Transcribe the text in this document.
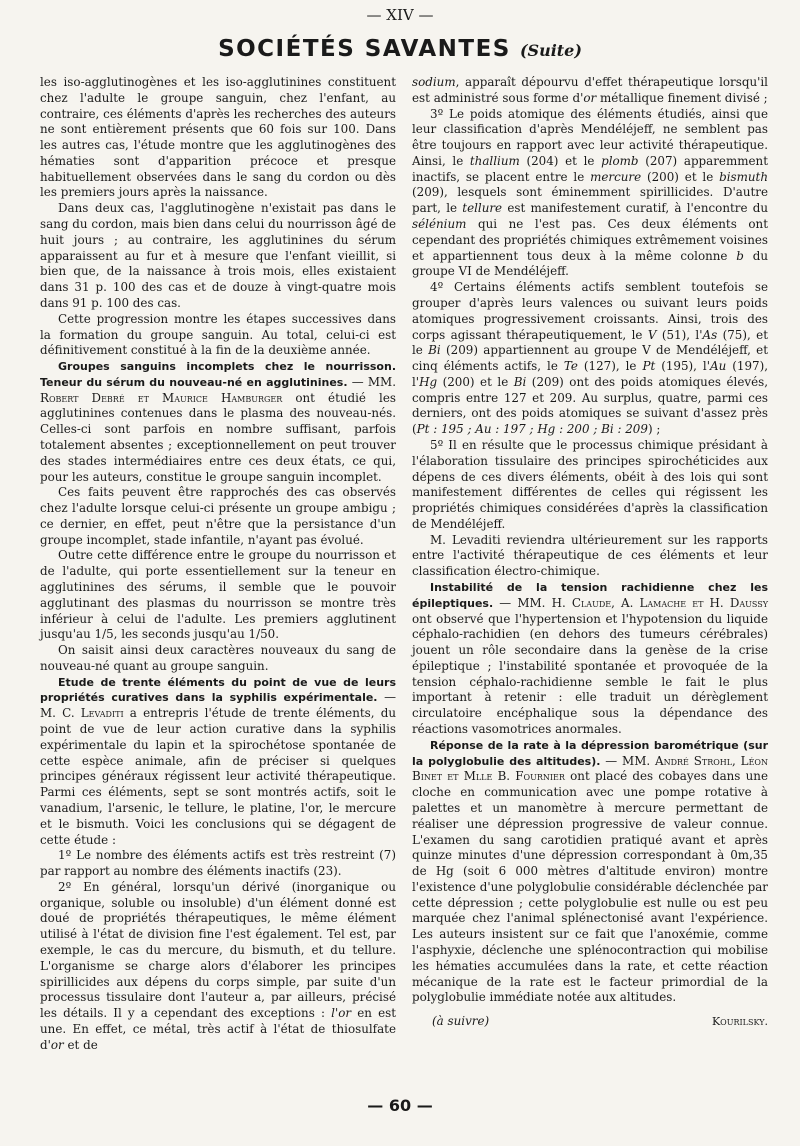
— XIV —
SOCIÉTÉS SAVANTES (Suite)

les iso-agglutinogènes et les iso-agglutinines constituent chez l'adulte le groupe sanguin, chez l'enfant, au contraire, ces éléments d'après les recherches des auteurs ne sont entièrement présents que 60 fois sur 100. Dans les autres cas, l'étude montre que les agglutinogènes des hématies sont d'apparition précoce et presque habituellement observées dans le sang du cordon ou dès les premiers jours après la naissance.

Dans deux cas, l'agglutinogène n'existait pas dans le sang du cordon, mais bien dans celui du nourrisson âgé de huit jours ; au contraire, les agglutinines du sérum apparaissent au fur et à mesure que l'enfant vieillit, si bien que, de la naissance à trois mois, elles existaient dans 31 p. 100 des cas et de douze à vingt-quatre mois dans 91 p. 100 des cas.

Cette progression montre les étapes successives dans la formation du groupe sanguin. Au total, celui-ci est définitivement constitué à la fin de la deuxième année.

Groupes sanguins incomplets chez le nourrisson. Teneur du sérum du nouveau-né en agglutinines. — MM. Robert Debré et Maurice Hamburger ont étudié les agglutinines contenues dans le plasma des nouveau-nés. Celles-ci sont parfois en nombre suffisant, parfois totalement absentes ; exceptionnellement on peut trouver des stades intermédiaires entre ces deux états, ce qui, pour les auteurs, constitue le groupe sanguin incomplet.

Ces faits peuvent être rapprochés des cas observés chez l'adulte lorsque celui-ci présente un groupe ambigu ; ce dernier, en effet, peut n'être que la persistance d'un groupe incomplet, stade infantile, n'ayant pas évolué.

Outre cette différence entre le groupe du nourrisson et de l'adulte, qui porte essentiellement sur la teneur en agglutinines des sérums, il semble que le pouvoir agglutinant des plasmas du nourrisson se montre très inférieur à celui de l'adulte. Les premiers agglutinent jusqu'au 1/5, les seconds jusqu'au 1/50.

On saisit ainsi deux caractères nouveaux du sang de nouveau-né quant au groupe sanguin.

Etude de trente éléments du point de vue de leurs propriétés curatives dans la syphilis expérimentale. — M. C. Levaditi a entrepris l'étude de trente éléments, du point de vue de leur action curative dans la syphilis expérimentale du lapin et la spirochétose spontanée de cette espèce animale, afin de préciser si quelques principes généraux régissent leur activité thérapeutique. Parmi ces éléments, sept se sont montrés actifs, soit le vanadium, l'arsenic, le tellure, le platine, l'or, le mercure et le bismuth. Voici les conclusions qui se dégagent de cette étude :

1º Le nombre des éléments actifs est très restreint (7) par rapport au nombre des éléments inactifs (23).

2º En général, lorsqu'un dérivé (inorganique ou organique, soluble ou insoluble) d'un élément donné est doué de propriétés thérapeutiques, le même élément utilisé à l'état de division fine l'est également. Tel est, par exemple, le cas du mercure, du bismuth, et du tellure. L'organisme se charge alors d'élaborer les principes spirillicides aux dépens du corps simple, par suite d'un processus tissulaire dont l'auteur a, par ailleurs, précisé les détails. Il y a cependant des exceptions : l'or en est une. En effet, ce métal, très actif à l'état de thiosulfate d'or et de

sodium, apparaît dépourvu d'effet thérapeutique lorsqu'il est administré sous forme d'or métallique finement divisé ;

3º Le poids atomique des éléments étudiés, ainsi que leur classification d'après Mendéléjeff, ne semblent pas être toujours en rapport avec leur activité thérapeutique. Ainsi, le thallium (204) et le plomb (207) apparemment inactifs, se placent entre le mercure (200) et le bismuth (209), lesquels sont éminemment spirillicides. D'autre part, le tellure est manifestement curatif, à l'encontre du sélénium qui ne l'est pas. Ces deux éléments ont cependant des propriétés chimiques extrêmement voisines et appartiennent tous deux à la même colonne b du groupe VI de Mendéléjeff.

4º Certains éléments actifs semblent toutefois se grouper d'après leurs valences ou suivant leurs poids atomiques progressivement croissants. Ainsi, trois des corps agissant thérapeutiquement, le V (51), l'As (75), et le Bi (209) appartiennent au groupe V de Mendéléjeff, et cinq éléments actifs, le Te (127), le Pt (195), l'Au (197), l'Hg (200) et le Bi (209) ont des poids atomiques élevés, compris entre 127 et 209. Au surplus, quatre, parmi ces derniers, ont des poids atomiques se suivant d'assez près (Pt : 195 ; Au : 197 ; Hg : 200 ; Bi : 209) ;

5º Il en résulte que le processus chimique présidant à l'élaboration tissulaire des principes spirochéticides aux dépens de ces divers éléments, obéit à des lois qui sont manifestement différentes de celles qui régissent les propriétés chimiques considérées d'après la classification de Mendéléjeff.

M. Levaditi reviendra ultérieurement sur les rapports entre l'activité thérapeutique de ces éléments et leur classification électro-chimique.

Instabilité de la tension rachidienne chez les épileptiques. — MM. H. Claude, A. Lamache et H. Daussy ont observé que l'hypertension et l'hypotension du liquide céphalo-rachidien (en dehors des tumeurs cérébrales) jouent un rôle secondaire dans la genèse de la crise épileptique ; l'instabilité spontanée et provoquée de la tension céphalo-rachidienne semble le fait le plus important à retenir : elle traduit un dérèglement circulatoire encéphalique sous la dépendance des réactions vasomotrices anormales.

Réponse de la rate à la dépression barométrique (sur la polyglobulie des altitudes). — MM. André Strohl, Léon Binet et Mlle B. Fournier ont placé des cobayes dans une cloche en communication avec une pompe rotative à palettes et un manomètre à mercure permettant de réaliser une dépression progressive de valeur connue. L'examen du sang carotidien pratiqué avant et après quinze minutes d'une dépression correspondant à 0m,35 de Hg (soit 6 000 mètres d'altitude environ) montre l'existence d'une polyglobulie considérable déclenchée par cette dépression ; cette polyglobulie est nulle ou est peu marquée chez l'animal splénectonisé avant l'expérience. Les auteurs insistent sur ce fait que l'anoxémie, comme l'asphyxie, déclenche une splénocontraction qui mobilise les hématies accumulées dans la rate, et cette réaction mécanique de la rate est le facteur primordial de la polyglobulie immédiate notée aux altitudes.

(à suivre)	Kourilsky.
— 60 —
